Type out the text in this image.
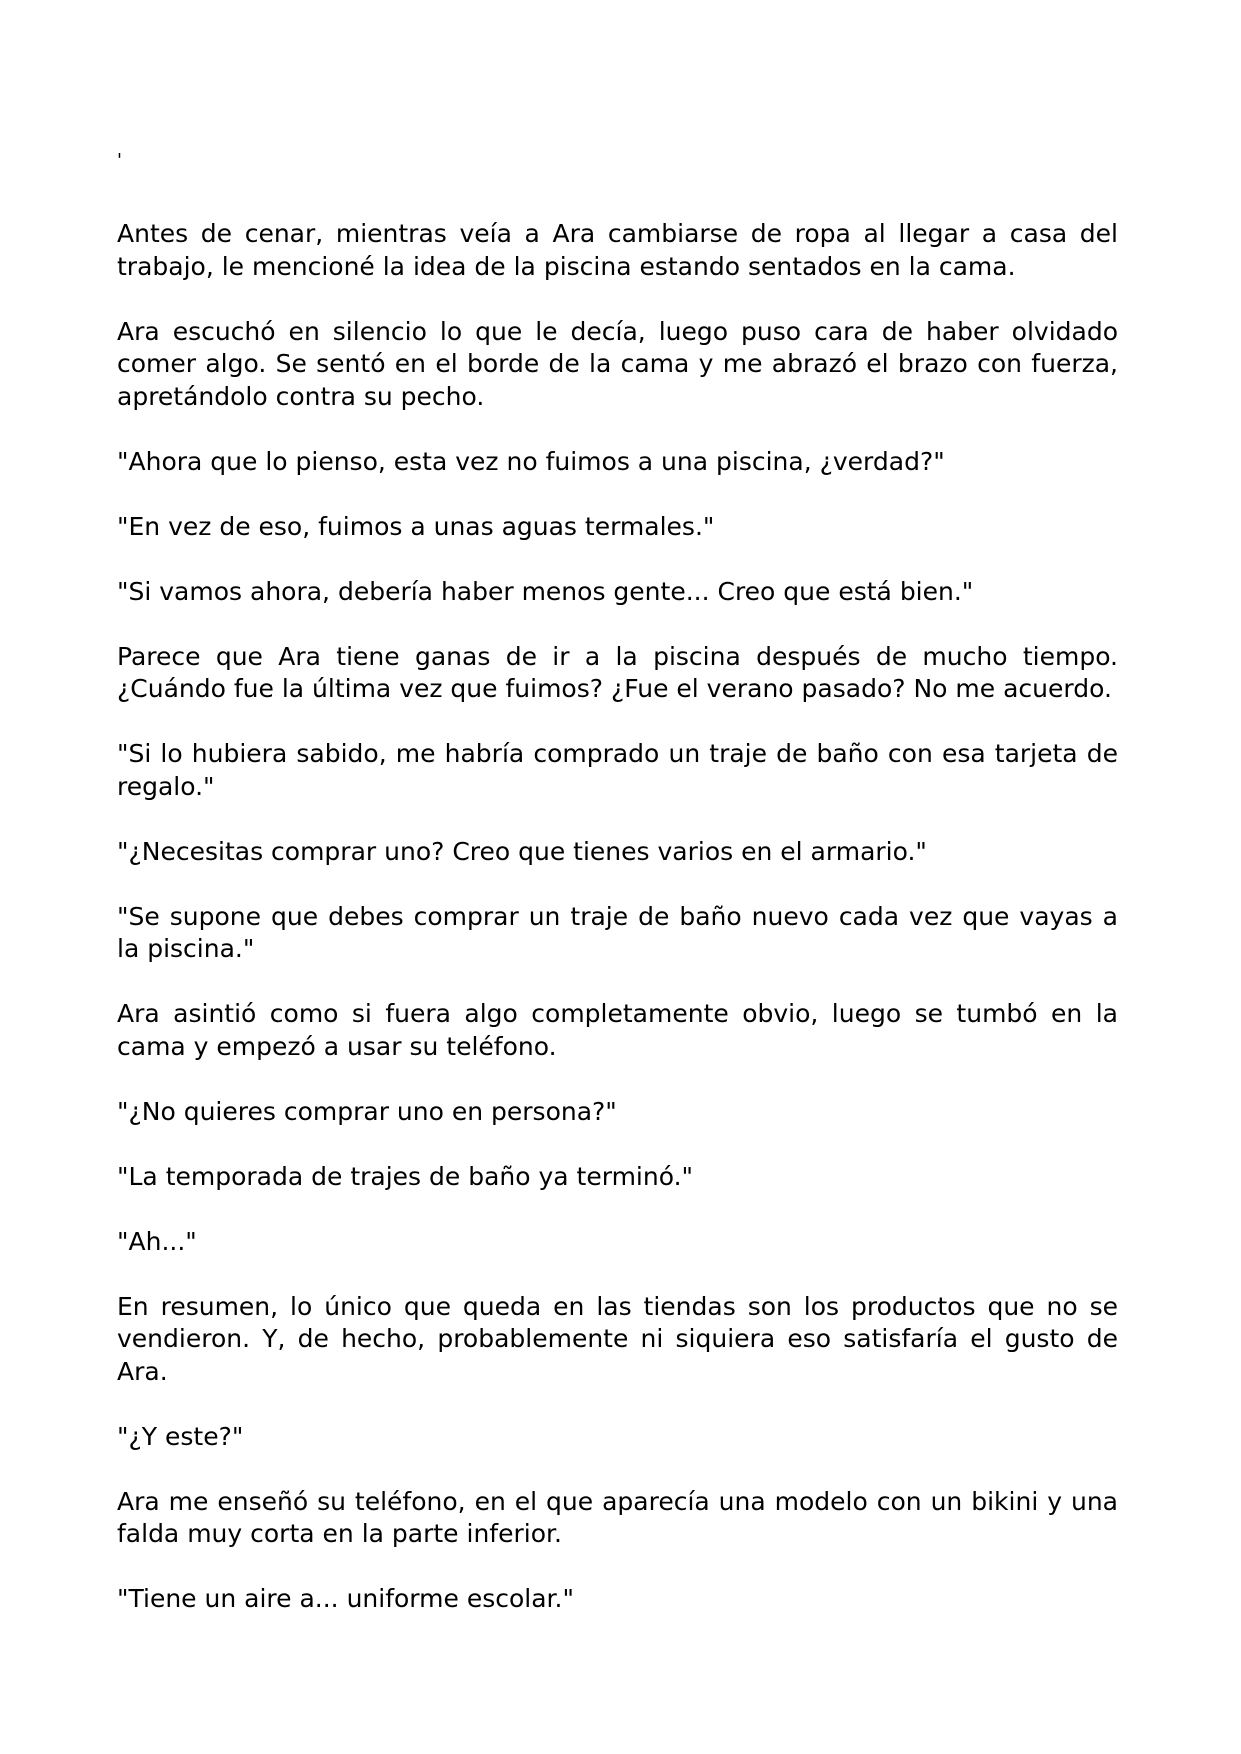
'

Antes de cenar, mientras veía a Ara cambiarse de ropa al llegar a casa del trabajo, le mencioné la idea de la piscina estando sentados en la cama.

Ara escuchó en silencio lo que le decía, luego puso cara de haber olvidado comer algo. Se sentó en el borde de la cama y me abrazó el brazo con fuerza, apretándolo contra su pecho.

"Ahora que lo pienso, esta vez no fuimos a una piscina, ¿verdad?"

"En vez de eso, fuimos a unas aguas termales."

"Si vamos ahora, debería haber menos gente... Creo que está bien."

Parece que Ara tiene ganas de ir a la piscina después de mucho tiempo. ¿Cuándo fue la última vez que fuimos? ¿Fue el verano pasado? No me acuerdo.

"Si lo hubiera sabido, me habría comprado un traje de baño con esa tarjeta de regalo."

"¿Necesitas comprar uno? Creo que tienes varios en el armario."

"Se supone que debes comprar un traje de baño nuevo cada vez que vayas a la piscina."

Ara asintió como si fuera algo completamente obvio, luego se tumbó en la cama y empezó a usar su teléfono.

"¿No quieres comprar uno en persona?"

"La temporada de trajes de baño ya terminó."

"Ah..."

En resumen, lo único que queda en las tiendas son los productos que no se vendieron. Y, de hecho, probablemente ni siquiera eso satisfaría el gusto de Ara.

"¿Y este?"

Ara me enseñó su teléfono, en el que aparecía una modelo con un bikini y una falda muy corta en la parte inferior.

"Tiene un aire a... uniforme escolar."
